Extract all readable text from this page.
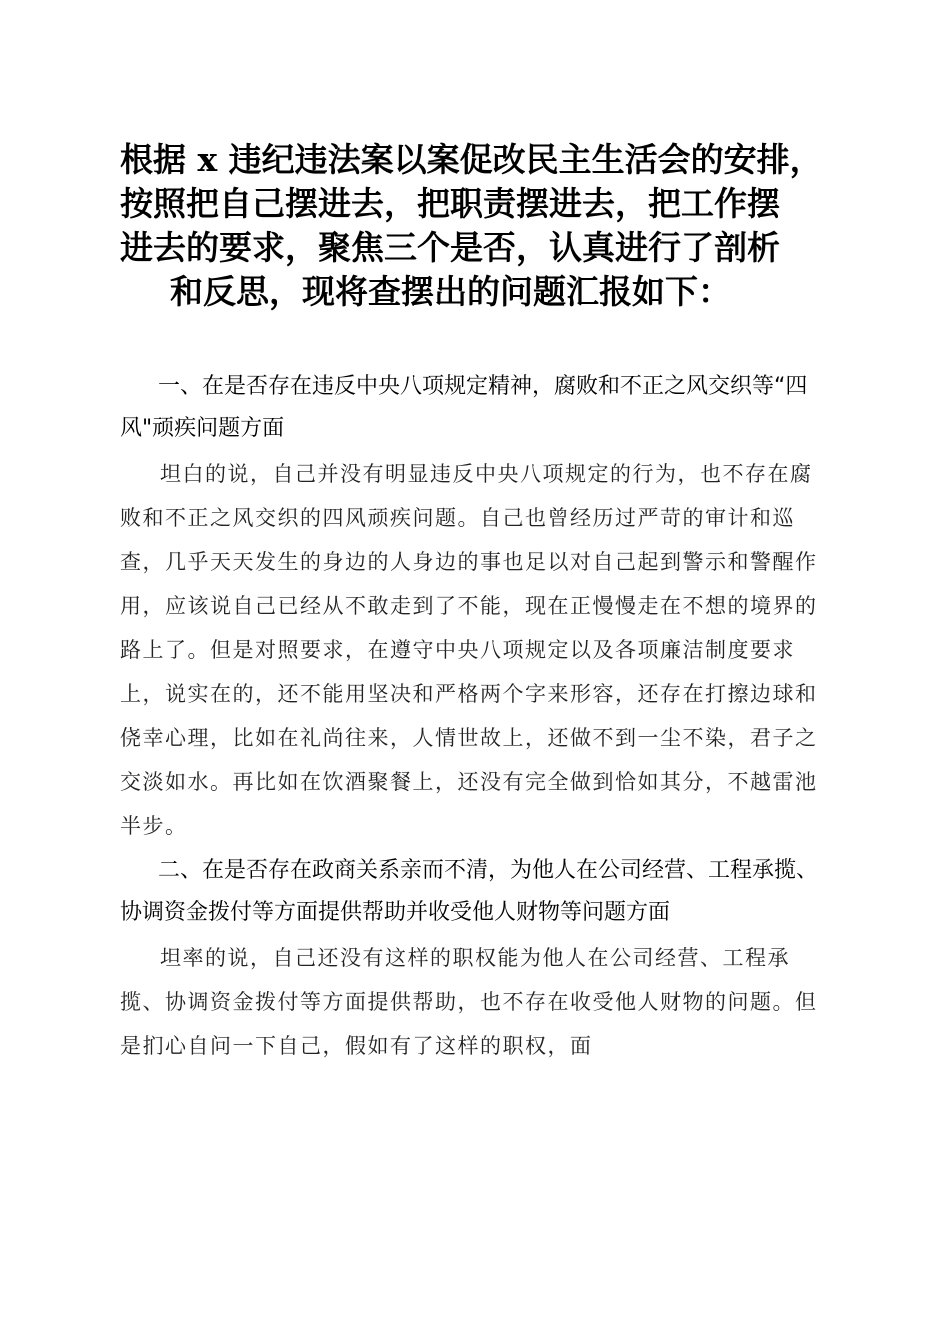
根据 x 违纪违法案以案促改民主生活会的安排，
按照把自己摆进去，把职责摆进去，把工作摆
进去的要求，聚焦三个是否，认真进行了剖析
和反思，现将查摆出的问题汇报如下：

一、在是否存在违反中央八项规定精神，腐败和不正之风交织等“四风"顽疾问题方面

坦白的说，自己并没有明显违反中央八项规定的行为，也不存在腐败和不正之风交织的四风顽疾问题。自己也曾经历过严苛的审计和巡查，几乎天天发生的身边的人身边的事也足以对自己起到警示和警醒作用，应该说自己已经从不敢走到了不能，现在正慢慢走在不想的境界的路上了。但是对照要求，在遵守中央八项规定以及各项廉洁制度要求上，说实在的，还不能用坚决和严格两个字来形容，还存在打擦边球和侥幸心理，比如在礼尚往来，人情世故上，还做不到一尘不染，君子之交淡如水。再比如在饮酒聚餐上，还没有完全做到恰如其分，不越雷池半步。

二、在是否存在政商关系亲而不清，为他人在公司经营、工程承揽、协调资金拨付等方面提供帮助并收受他人财物等问题方面

坦率的说，自己还没有这样的职权能为他人在公司经营、工程承揽、协调资金拨付等方面提供帮助，也不存在收受他人财物的问题。但是扪心自问一下自己，假如有了这样的职权，面
